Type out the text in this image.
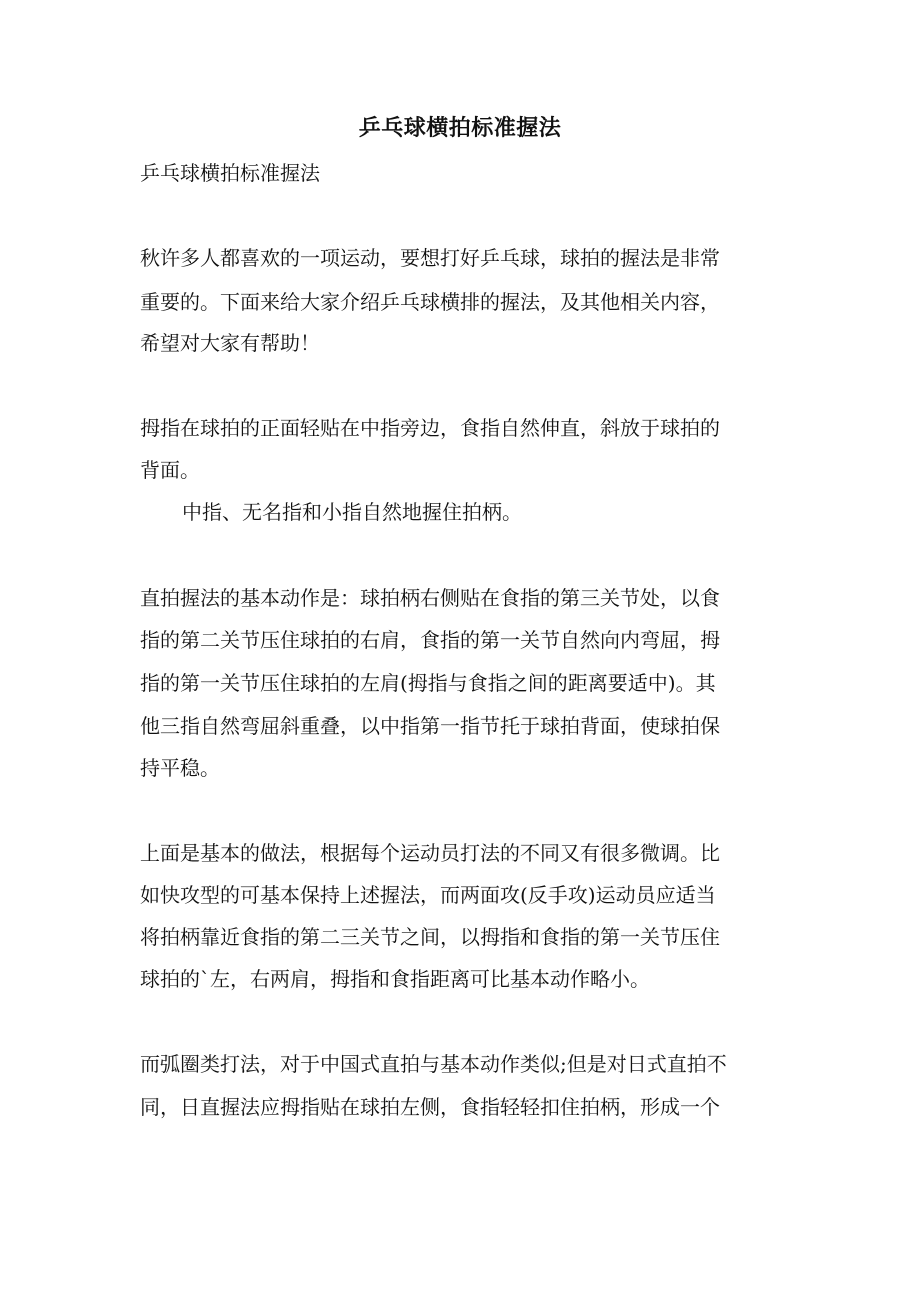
乒乓球横拍标准握法
乒乓球横拍标准握法
秋许多人都喜欢的一项运动，要想打好乒乓球，球拍的握法是非常
重要的。下面来给大家介绍乒乓球横排的握法，及其他相关内容，
希望对大家有帮助！
拇指在球拍的正面轻贴在中指旁边，食指自然伸直，斜放于球拍的
背面。
中指、无名指和小指自然地握住拍柄。
直拍握法的基本动作是：球拍柄右侧贴在食指的第三关节处，以食
指的第二关节压住球拍的右肩，食指的第一关节自然向内弯屈，拇
指的第一关节压住球拍的左肩(拇指与食指之间的距离要适中)。其
他三指自然弯屈斜重叠，以中指第一指节托于球拍背面，使球拍保
持平稳。
上面是基本的做法，根据每个运动员打法的不同又有很多微调。比
如快攻型的可基本保持上述握法，而两面攻(反手攻)运动员应适当
将拍柄靠近食指的第二三关节之间，以拇指和食指的第一关节压住
球拍的`左，右两肩，拇指和食指距离可比基本动作略小。
而弧圈类打法，对于中国式直拍与基本动作类似;但是对日式直拍不
同，日直握法应拇指贴在球拍左侧，食指轻轻扣住拍柄，形成一个
